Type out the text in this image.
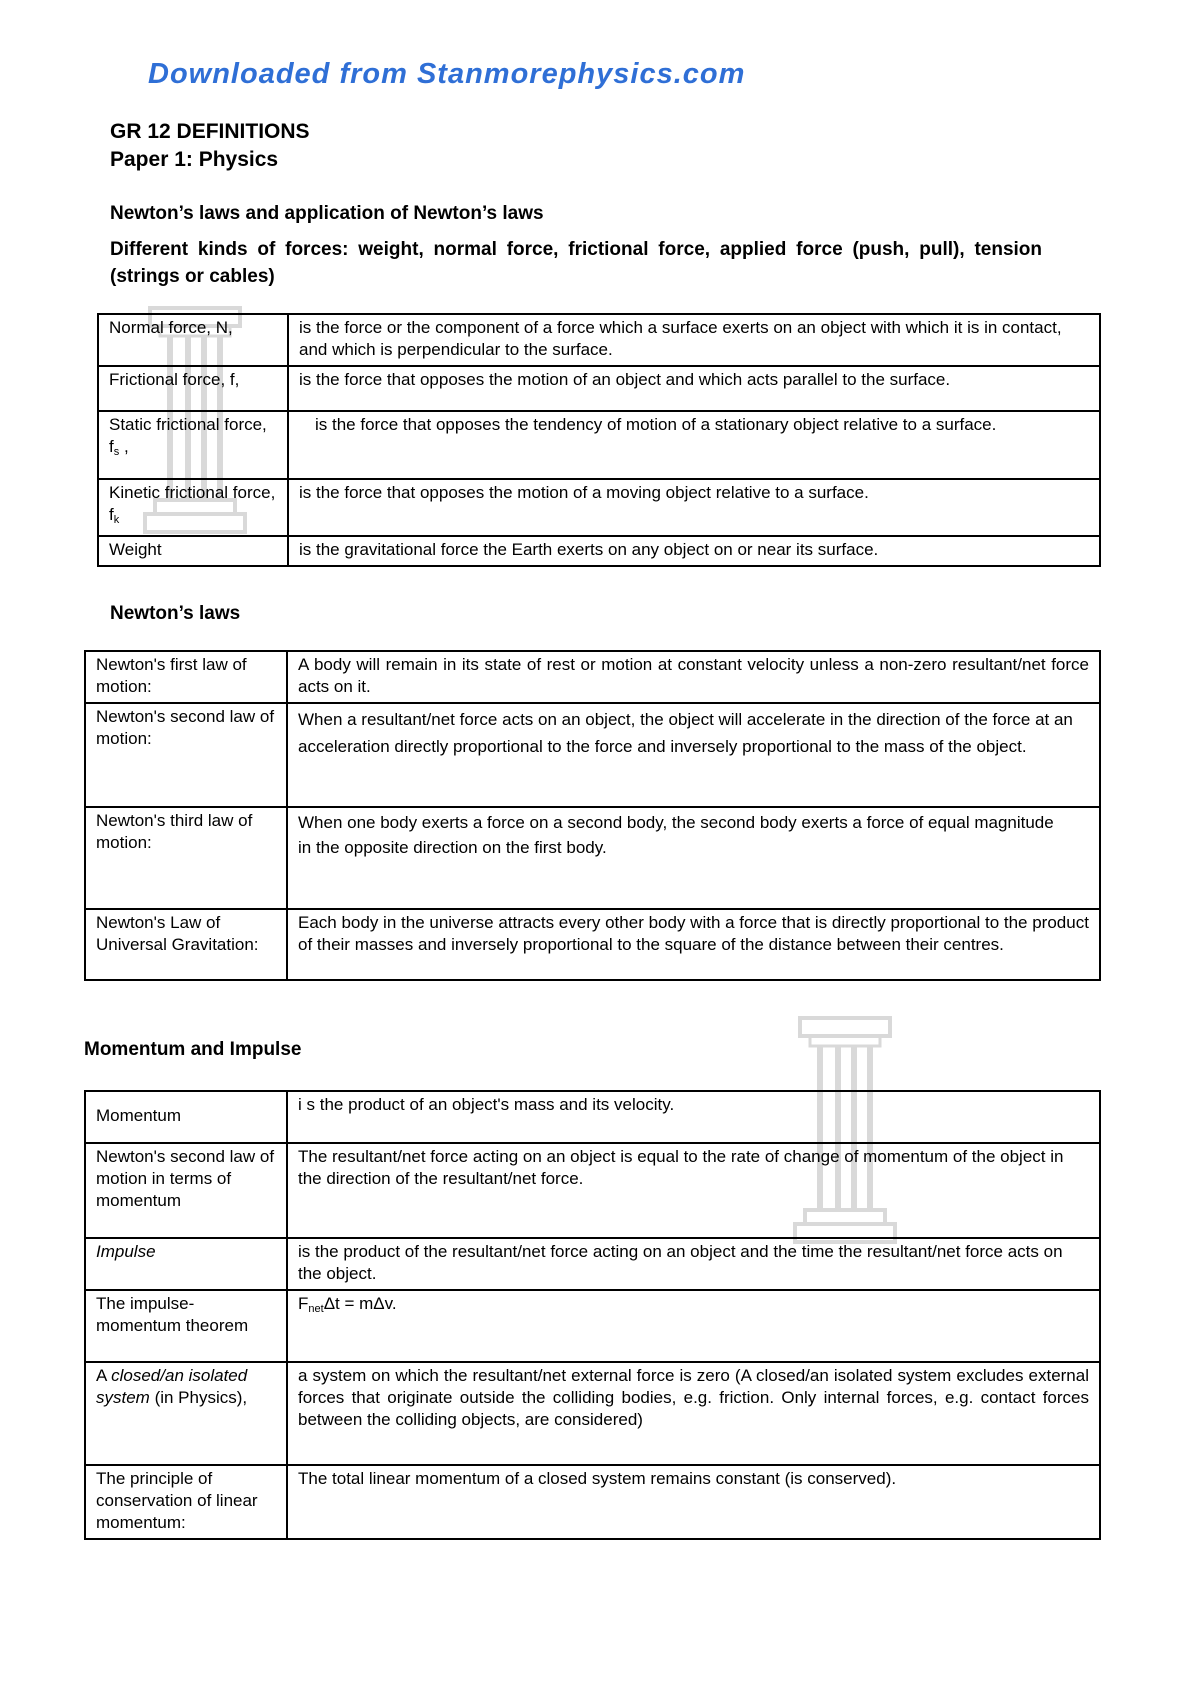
Downloaded from Stanmorephysics.com

GR 12 DEFINITIONS

Paper 1: Physics

Newton’s laws and application of Newton’s laws

Different kinds of forces: weight, normal force, frictional force, applied force (push, pull), tension (strings or cables)

Normal force, N,	is the force or the component of a force which a surface exerts on an object with which it is in contact, and which is perpendicular to the surface.
Frictional force, f,	is the force that opposes the motion of an object and which acts parallel to the surface.
Static frictional force, fs ,	is the force that opposes the tendency of motion of a stationary object relative to a surface.
Kinetic frictional force, fk	is the force that opposes the motion of a moving object relative to a surface.
Weight	is the gravitational force the Earth exerts on any object on or near its surface.

Newton’s laws

Newton's first law of motion:	A body will remain in its state of rest or motion at constant velocity unless a non-zero resultant/net force acts on it.
Newton's second law of motion:	When a resultant/net force acts on an object, the object will accelerate in the direction of the force at an acceleration directly proportional to the force and inversely proportional to the mass of the object.
Newton's third law of motion:	When one body exerts a force on a second body, the second body exerts a force of equal magnitude in the opposite direction on the first body.
Newton's Law of Universal Gravitation:	Each body in the universe attracts every other body with a force that is directly proportional to the product of their masses and inversely proportional to the square of the distance between their centres.

Momentum and Impulse

Momentum	i s the product of an object's mass and its velocity.
Newton's second law of motion in terms of momentum	The resultant/net force acting on an object is equal to the rate of change of momentum of the object in the direction of the resultant/net force.
Impulse	is the product of the resultant/net force acting on an object and the time the resultant/net force acts on the object.
The impulse-momentum theorem	FnetΔt = mΔv.
A closed/an isolated system (in Physics),	a system on which the resultant/net external force is zero (A closed/an isolated system excludes external forces that originate outside the colliding bodies, e.g. friction. Only internal forces, e.g. contact forces between the colliding objects, are considered)
The principle of conservation of linear momentum:	The total linear momentum of a closed system remains constant (is conserved).
